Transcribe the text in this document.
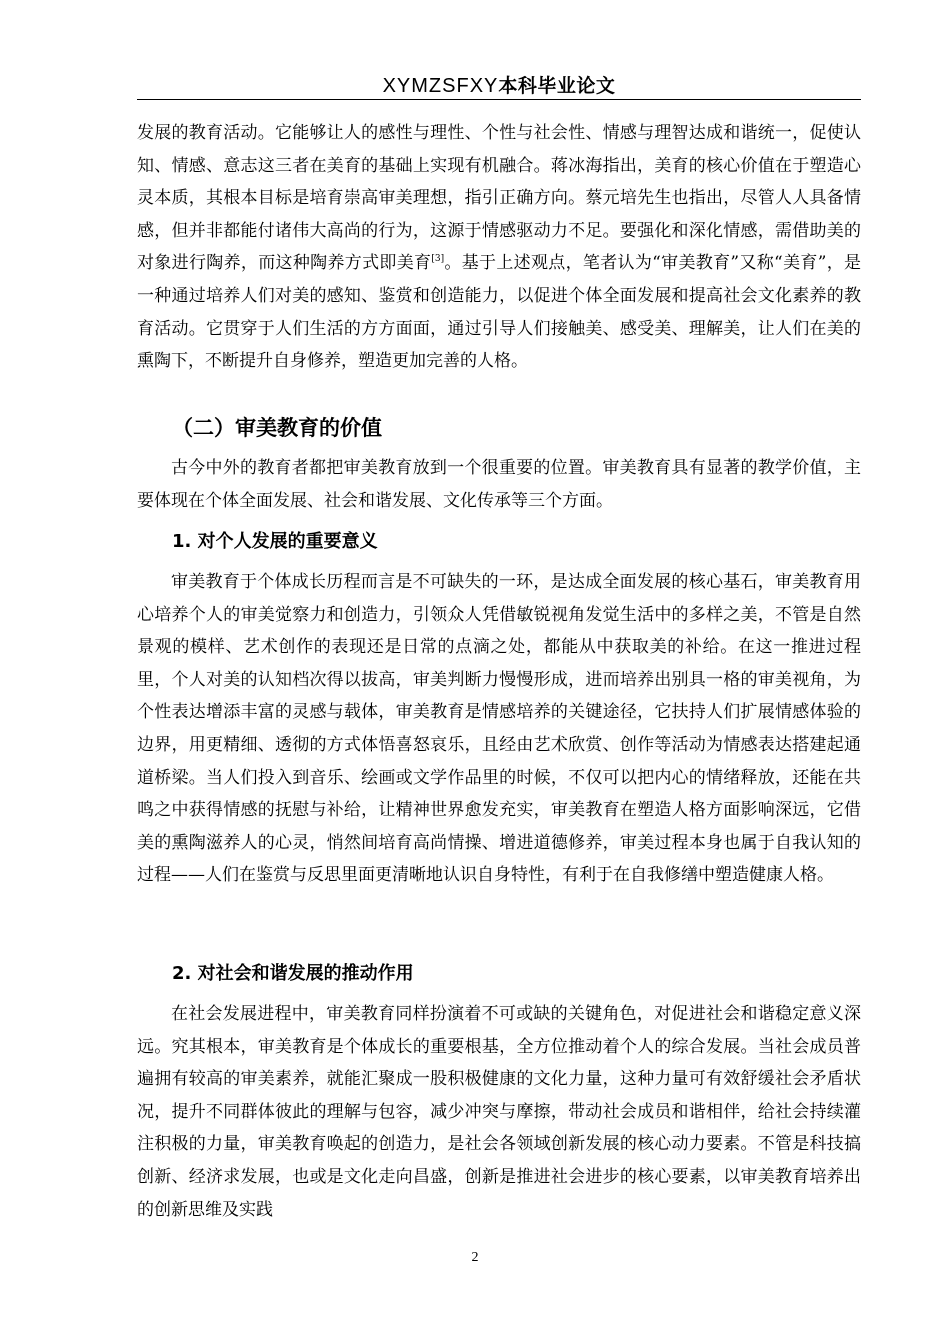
XYMZSFXY本科毕业论文

发展的教育活动。它能够让人的感性与理性、个性与社会性、情感与理智达成和谐统一，促使认知、情感、意志这三者在美育的基础上实现有机融合。蒋冰海指出，美育的核心价值在于塑造心灵本质，其根本目标是培育崇高审美理想，指引正确方向。蔡元培先生也指出，尽管人人具备情感，但并非都能付诸伟大高尚的行为，这源于情感驱动力不足。要强化和深化情感，需借助美的对象进行陶养，而这种陶养方式即美育[3]。基于上述观点，笔者认为“审美教育”又称“美育”，是一种通过培养人们对美的感知、鉴赏和创造能力，以促进个体全面发展和提高社会文化素养的教育活动。它贯穿于人们生活的方方面面，通过引导人们接触美、感受美、理解美，让人们在美的熏陶下，不断提升自身修养，塑造更加完善的人格。

（二）审美教育的价值

古今中外的教育者都把审美教育放到一个很重要的位置。审美教育具有显著的教学价值，主要体现在个体全面发展、社会和谐发展、文化传承等三个方面。

1. 对个人发展的重要意义

审美教育于个体成长历程而言是不可缺失的一环，是达成全面发展的核心基石，审美教育用心培养个人的审美觉察力和创造力，引领众人凭借敏锐视角发觉生活中的多样之美，不管是自然景观的模样、艺术创作的表现还是日常的点滴之处，都能从中获取美的补给。在这一推进过程里，个人对美的认知档次得以拔高，审美判断力慢慢形成，进而培养出别具一格的审美视角，为个性表达增添丰富的灵感与载体，审美教育是情感培养的关键途径，它扶持人们扩展情感体验的边界，用更精细、透彻的方式体悟喜怒哀乐，且经由艺术欣赏、创作等活动为情感表达搭建起通道桥梁。当人们投入到音乐、绘画或文学作品里的时候，不仅可以把内心的情绪释放，还能在共鸣之中获得情感的抚慰与补给，让精神世界愈发充实，审美教育在塑造人格方面影响深远，它借美的熏陶滋养人的心灵，悄然间培育高尚情操、增进道德修养，审美过程本身也属于自我认知的过程——人们在鉴赏与反思里面更清晰地认识自身特性，有利于在自我修缮中塑造健康人格。

2. 对社会和谐发展的推动作用

在社会发展进程中，审美教育同样扮演着不可或缺的关键角色，对促进社会和谐稳定意义深远。究其根本，审美教育是个体成长的重要根基，全方位推动着个人的综合发展。当社会成员普遍拥有较高的审美素养，就能汇聚成一股积极健康的文化力量，这种力量可有效舒缓社会矛盾状况，提升不同群体彼此的理解与包容，减少冲突与摩擦，带动社会成员和谐相伴，给社会持续灌注积极的力量，审美教育唤起的创造力，是社会各领域创新发展的核心动力要素。不管是科技搞创新、经济求发展，也或是文化走向昌盛，创新是推进社会进步的核心要素，以审美教育培养出的创新思维及实践

2
